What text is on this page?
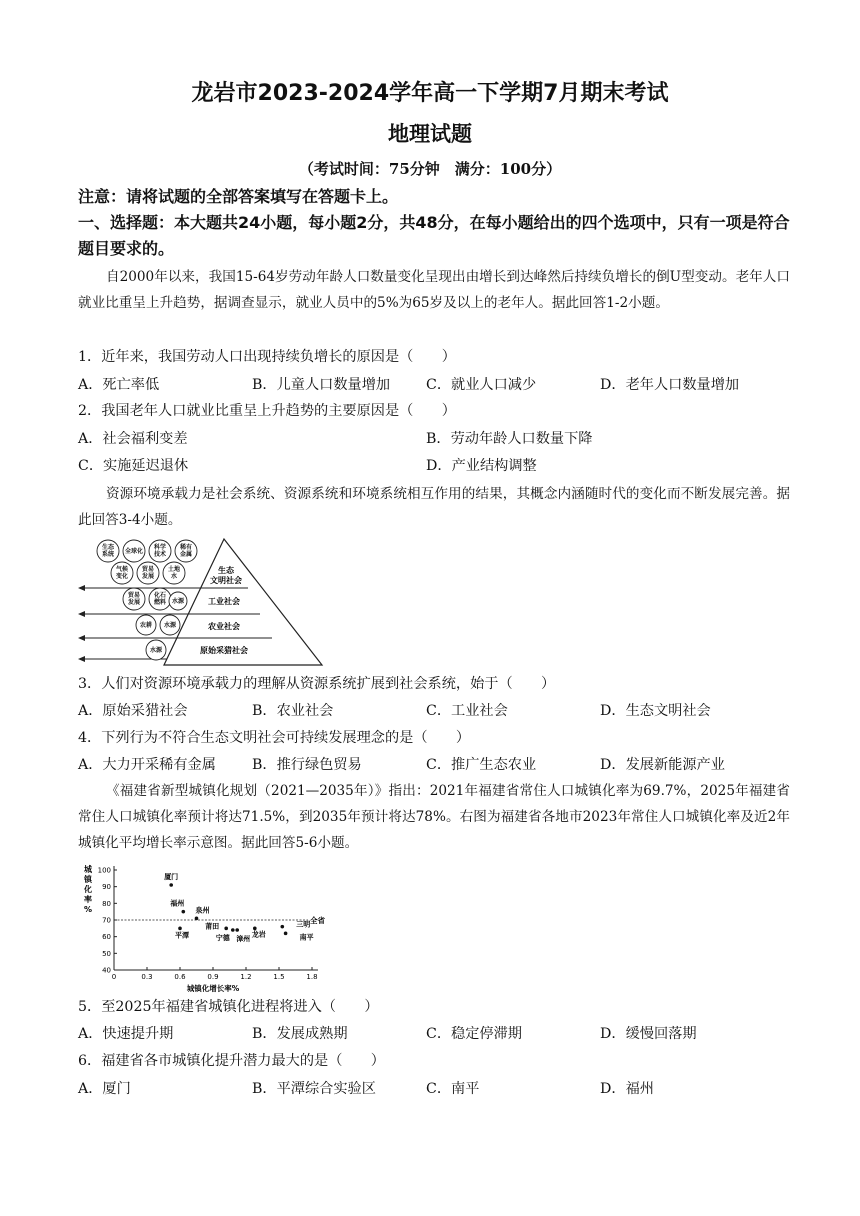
龙岩市2023-2024学年高一下学期7月期末考试
地理试题
（考试时间：75分钟　满分：100分）
注意：请将试题的全部答案填写在答题卡上。
一、选择题：本大题共24小题，每小题2分，共48分，在每小题给出的四个选项中，只有一项是符合题目要求的。
自2000年以来，我国15-64岁劳动年龄人口数量变化呈现出由增长到达峰然后持续负增长的倒U型变动。老年人口就业比重呈上升趋势，据调查显示，就业人员中的5%为65岁及以上的老年人。据此回答1-2小题。
1．近年来，我国劳动人口出现持续负增长的原因是（　　）
A．死亡率低	B．儿童人口数量增加	C．就业人口减少	D．老年人口数量增加
2．我国老年人口就业比重呈上升趋势的主要原因是（　　）
A．社会福利变差	B．劳动年龄人口数量下降
C．实施延迟退休	D．产业结构调整
资源环境承载力是社会系统、资源系统和环境系统相互作用的结果，其概念内涵随时代的变化而不断发展完善。据此回答3-4小题。
生态文明社会
工业社会
农业社会
原始采猎社会
生态系统 全球化
科学技术
稀有金属
气候变化
贸易发展
土地水
贸易发展
化石燃料 水源
农耕 水源
水源
3．人们对资源环境承载力的理解从资源系统扩展到社会系统，始于（　　）
A．原始采猎社会	B．农业社会	C．工业社会	D．生态文明社会
4．下列行为不符合生态文明社会可持续发展理念的是（　　）
A．大力开采稀有金属	B．推行绿色贸易	C．推广生态农业	D．发展新能源产业
《福建省新型城镇化规划（2021—2035年）》指出：2021年福建省常住人口城镇化率为69.7%，2025年福建省常住人口城镇化率预计将达71.5%，到2035年预计将达78%。右图为福建省各地市2023年常住人口城镇化率及近2年城镇化平均增长率示意图。据此回答5-6小题。
城镇化率%
0	0.3	0.6	0.9	1.2	1.5	1.8
40
50
60
70
80
90
100
城镇化增长率%
全省
厦门
福州
泉州
平潭
莆田
宁德 漳州
龙岩
三明
南平
5．至2025年福建省城镇化进程将进入（　　）
A．快速提升期	B．发展成熟期	C．稳定停滞期	D．缓慢回落期
6．福建省各市城镇化提升潜力最大的是（　　）
A．厦门	B．平潭综合实验区	C．南平	D．福州
